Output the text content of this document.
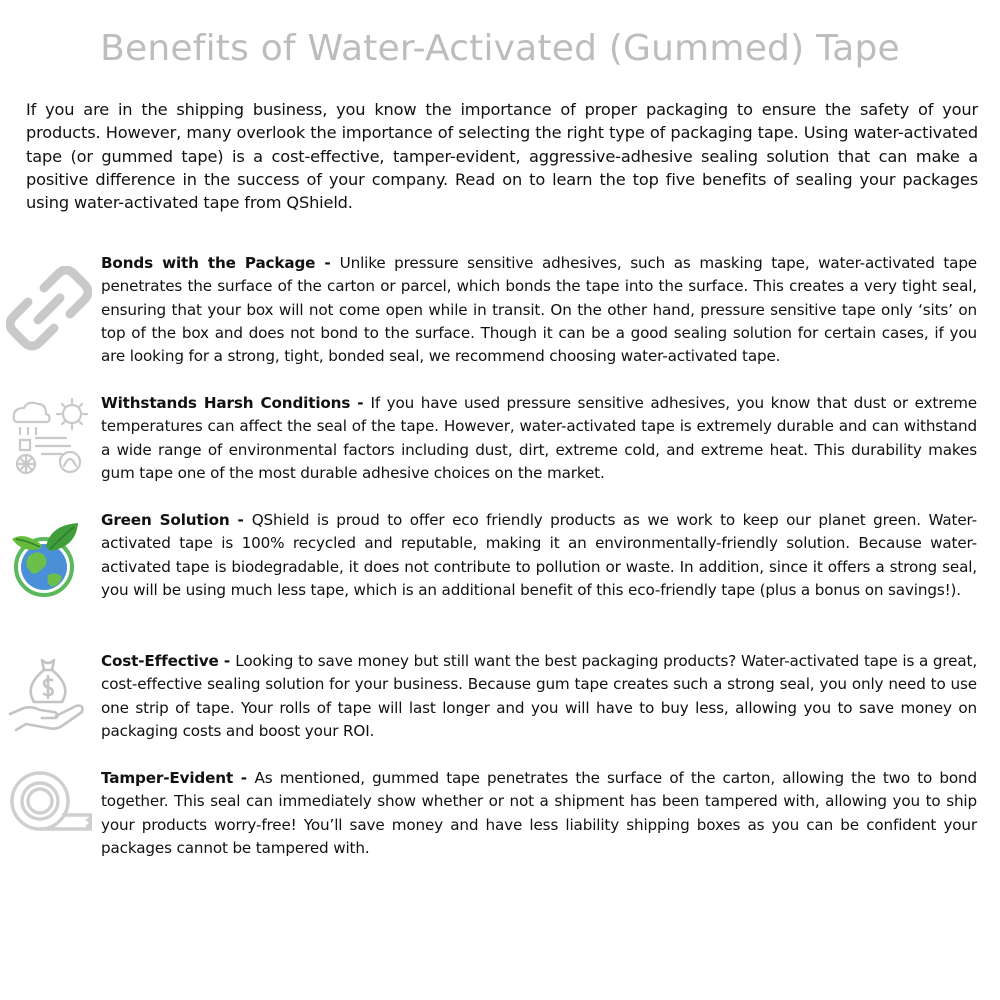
Benefits of Water-Activated (Gummed) Tape

If you are in the shipping business, you know the importance of proper packaging to ensure the safety of your products. However, many overlook the importance of selecting the right type of packaging tape. Using water-activated tape (or gummed tape) is a cost-effective, tamper-evident, aggressive-adhesive sealing solution that can make a positive difference in the success of your company. Read on to learn the top five benefits of sealing your packages using water-activated tape from QShield.

Bonds with the Package - Unlike pressure sensitive adhesives, such as masking tape, water-activated tape penetrates the surface of the carton or parcel, which bonds the tape into the surface. This creates a very tight seal, ensuring that your box will not come open while in transit. On the other hand, pressure sensitive tape only ‘sits’ on top of the box and does not bond to the surface. Though it can be a good sealing solution for certain cases, if you are looking for a strong, tight, bonded seal, we recommend choosing water-activated tape.

Withstands Harsh Conditions - If you have used pressure sensitive adhesives, you know that dust or extreme temperatures can affect the seal of the tape. However, water-activated tape is extremely durable and can withstand a wide range of environmental factors including dust, dirt, extreme cold, and extreme heat. This durability makes gum tape one of the most durable adhesive choices on the market.

Green Solution - QShield is proud to offer eco friendly products as we work to keep our planet green. Water-activated tape is 100% recycled and reputable, making it an environmentally-friendly solution. Because water-activated tape is biodegradable, it does not contribute to pollution or waste. In addition, since it offers a strong seal, you will be using much less tape, which is an additional benefit of this eco-friendly tape (plus a bonus on savings!).

Cost-Effective - Looking to save money but still want the best packaging products? Water-activated tape is a great, cost-effective sealing solution for your business. Because gum tape creates such a strong seal, you only need to use one strip of tape. Your rolls of tape will last longer and you will have to buy less, allowing you to save money on packaging costs and boost your ROI.

Tamper-Evident - As mentioned, gummed tape penetrates the surface of the carton, allowing the two to bond together. This seal can immediately show whether or not a shipment has been tampered with, allowing you to ship your products worry-free! You’ll save money and have less liability shipping boxes as you can be confident your packages cannot be tampered with.
